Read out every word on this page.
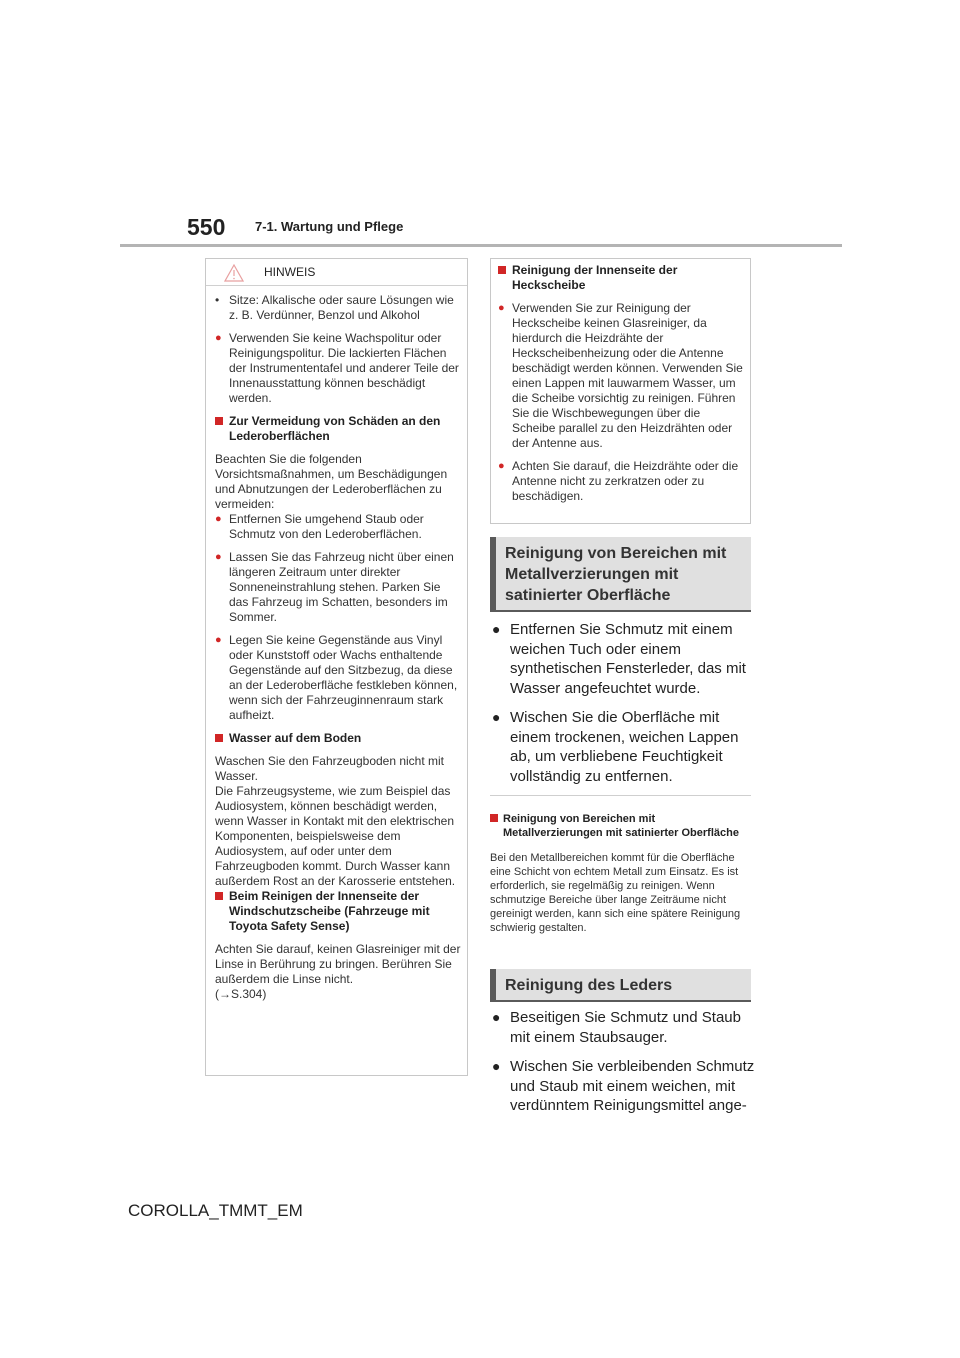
550 7-1. Wartung und Pflege
HINWEIS
• Sitze: Alkalische oder saure Lösungen wie z. B. Verdünner, Benzol und Alkohol

● Verwenden Sie keine Wachspolitur oder Reinigungspolitur. Die lackierten Flächen der Instrumententafel und anderer Teile der Innenausstattung können beschädigt werden.

Zur Vermeidung von Schäden an den Lederoberflächen

Beachten Sie die folgenden Vorsichtsmaßnahmen, um Beschädigungen und Abnutzungen der Lederoberflächen zu vermeiden:

● Entfernen Sie umgehend Staub oder Schmutz von den Lederoberflächen.

● Lassen Sie das Fahrzeug nicht über einen längeren Zeitraum unter direkter Sonneneinstrahlung stehen. Parken Sie das Fahrzeug im Schatten, besonders im Sommer.

● Legen Sie keine Gegenstände aus Vinyl oder Kunststoff oder Wachs enthaltende Gegenstände auf den Sitzbezug, da diese an der Lederoberfläche festkleben können, wenn sich der Fahrzeuginnenraum stark aufheizt.

Wasser auf dem Boden

Waschen Sie den Fahrzeugboden nicht mit Wasser.
Die Fahrzeugsysteme, wie zum Beispiel das Audiosystem, können beschädigt werden, wenn Wasser in Kontakt mit den elektrischen Komponenten, beispielsweise dem Audiosystem, auf oder unter dem Fahrzeugboden kommt. Durch Wasser kann außerdem Rost an der Karosserie entstehen.

Beim Reinigen der Innenseite der Windschutzscheibe (Fahrzeuge mit Toyota Safety Sense)

Achten Sie darauf, keinen Glasreiniger mit der Linse in Berührung zu bringen. Berühren Sie außerdem die Linse nicht.

(→S.304)

Reinigung der Innenseite der Heckscheibe

● Verwenden Sie zur Reinigung der Heckscheibe keinen Glasreiniger, da hierdurch die Heizdrähte der Heckscheibenheizung oder die Antenne beschädigt werden können. Verwenden Sie einen Lappen mit lauwarmem Wasser, um die Scheibe vorsichtig zu reinigen. Führen Sie die Wischbewegungen über die Scheibe parallel zu den Heizdrähten oder der Antenne aus.

● Achten Sie darauf, die Heizdrähte oder die Antenne nicht zu zerkratzen oder zu beschädigen.

Reinigung von Bereichen mit Metallverzierungen mit satinierter Oberfläche
● Entfernen Sie Schmutz mit einem weichen Tuch oder einem synthetischen Fensterleder, das mit Wasser angefeuchtet wurde.
● Wischen Sie die Oberfläche mit einem trockenen, weichen Lappen ab, um verbliebene Feuchtigkeit vollständig zu entfernen.

Reinigung von Bereichen mit Metallverzierungen mit satinierter Oberfläche

Bei den Metallbereichen kommt für die Oberfläche eine Schicht von echtem Metall zum Einsatz. Es ist erforderlich, sie regelmäßig zu reinigen. Wenn schmutzige Bereiche über lange Zeiträume nicht gereinigt werden, kann sich eine spätere Reinigung schwierig gestalten.

Reinigung des Leders
● Beseitigen Sie Schmutz und Staub mit einem Staubsauger.
● Wischen Sie verbleibenden Schmutz und Staub mit einem weichen, mit verdünntem Reinigungsmittel ange-
COROLLA_TMMT_EM
